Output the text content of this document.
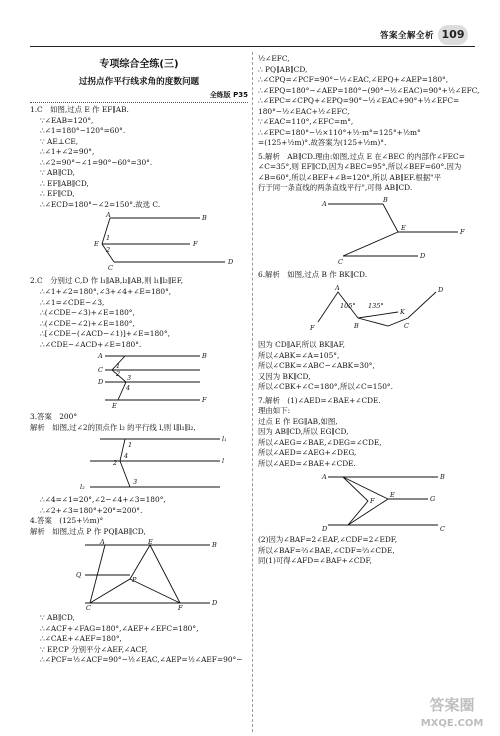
答案全解全析 109
专项综合全练(三)
过拐点作平行线求角的度数问题
全练版 P35
1.C　如图,过点 E 作 EF∥AB.
∵∠EAB=120°,
∴∠1=180°−120°=60°.
∵ AE⊥CE,
∴∠1+∠2=90°,
∴∠2=90°−∠1=90°−60°=30°.
∵ AB∥CD,
∴ EF∥AB∥CD,
∴ EF∥CD,
∴∠ECD=180°−∠2=150°.故选 C.
A	B
E	F
C
D
1
2
2.C　分别过 C,D 作 l₁∥AB,l₂∥AB,则 l₁∥l₂∥EF,
∴∠1+∠2=180°,∠3+∠4+∠E=180°,
∴∠1=∠CDE−∠3,
∴(∠CDE−∠3)+∠E=180°,
∴(∠CDE−∠2)+∠E=180°,
∴[∠CDE−(∠ACD−∠1)]+∠E=180°,
∴∠CDE−∠ACD+∠E=180°.
A	B
C
D
E
F
1
2 3
4
3.答案　200°
解析　如图,过∠2的顶点作 l₂ 的平行线 l,则 l∥l₁∥l₂,
l₁
l
l₂
1
2
4
3
∴∠4=∠1=20°,∠2−∠4+∠3=180°,
∴∠2+∠3=180°+20°=200°.
4.答案　(125+½m)°
解析　如图,过点 P 作 PQ∥AB∥CD,
A	B
E
Q
P
C	F
D
∵ AB∥CD,
∴∠ACF+∠FAG=180°,∠AEF+∠EFC=180°,
∴∠CAE+∠AEF=180°,
∵ EP,CP 分别平分∠AEF,∠ACF,
∴∠PCF=½∠ACF=90°−½∠EAC,∠AEP=½∠AEF=90°−
½∠EFC,
∴ PQ∥AB∥CD,
∴∠CPQ=∠PCF=90°−½∠EAC,∠EPQ+∠AEP=180°,
∴∠EPQ=180°−∠AEP=180°−(90°−½∠EAC)=90°+½∠EFC,
∴∠EPC=∠CPQ+∠EPQ=90°−½∠EAC+90°+½∠EFC=
180°−½∠EAC+½∠EFC,
∵∠EAC=110°,∠EFC=m°,
∴∠EPC=180°−½×110°+½·m°=125°+½m°
=(125+½m)°.故答案为(125+½m)°.
5.解析　AB∥CD.理由:如图,过点 E 在∠BEC 的内部作∠FEC=
∠C=35°,则 EF∥CD,因为∠BEC=95°,所以∠BEF=60°.因为
∠B=60°,所以∠BEF+∠B=120°,所以 AB∥EF.根据"平
行于同一条直线的两条直线平行",可得 AB∥CD.
A	B
E	F
C
D
6.解析　如图,过点 B 作 BK∥CD.
F
A
105° 135°
B
K
C
D
因为 CD∥AF,所以 BK∥AF,
所以∠ABK=∠A=105°,
所以∠CBK=∠ABC−∠ABK=30°,
又因为 BK∥CD,
所以∠CBK+∠C=180°,所以∠C=150°.
7.解析　(1)∠AED=∠BAE+∠CDE.
理由如下:
过点 E 作 EG∥AB,如图,
因为 AB∥CD,所以 EG∥CD,
所以∠AEG=∠BAE,∠DEG=∠CDE,
所以∠AED=∠AEG+∠DEG,
所以∠AED=∠BAE+∠CDE.
A	B
F
E	G
D	C
(2)因为∠BAF=2∠EAF,∠CDF=2∠EDF,
所以∠BAF=⅔∠BAE,∠CDF=⅔∠CDE,
同(1)可得∠AFD=∠BAF+∠CDF,
答案圈
MXQE.COM
